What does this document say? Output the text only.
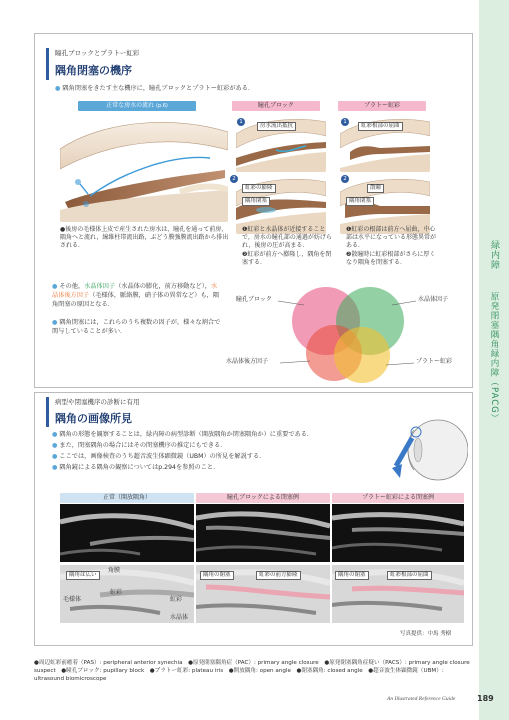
緑内障
原発閉塞隅角緑内障（PACG）
瞳孔ブロックとプラトー虹彩
隅角閉塞の機序
● 隅角閉塞をきたす主な機序に，瞳孔ブロックとプラトー虹彩がある．
正常な房水の流れ (p.6)	瞳孔ブロック	プラトー虹彩
●後房の毛様体上皮で産生された房水は，瞳孔を通って前房，隅角へと流れ，線維柱帯流出路，ぶどう膜強膜流出路から排出される．
1
房水流出抵抗
2
虹彩の膨隆
隅角閉塞
1
虹彩根部の屈曲
2
散瞳
隅角閉塞
❶虹彩と水晶体が近接することで，房水の瞳孔部の通過が妨げられ，後房の圧が高まる．
❷虹彩が前方へ膨隆し，隅角を閉塞する．
❶虹彩の根部は前方へ屈曲，中心部は水平になっている形態異常がある．
❷散瞳時に虹彩根部がさらに厚くなり隅角を閉塞する．
● その他，水晶体因子（水晶体の膨化，前方移動など），水晶体後方因子（毛様体，脈絡膜，硝子体の異常など）も，隅角閉塞の原因となる．
● 隅角閉塞には，これらのうち複数の因子が，様々な割合で関与していることが多い．
瞳孔ブロック	水晶体因子
水晶体後方因子	プラトー虹彩
病型や閉塞機序の診断に有用
隅角の画像所見
● 隅角の形態を観察することは，緑内障の病型診断（開放隅角か閉塞隅角か）に重要である．
● また，閉塞隅角の場合にはその閉塞機序の推定にもできる．
● ここでは，画像検査のうち超音波生体顕微鏡（UBM）の所見を解説する．
● 隅角鏡による隅角の観察についてはp.294を参照のこと．
正常（開放隅角）	瞳孔ブロックによる閉塞例	プラトー虹彩による閉塞例
隅角は広い
角膜
虹彩
毛様体	虹彩
水晶体
隅角の閉塞	虹彩の前方膨隆	隅角の閉塞	虹彩根部の屈曲
写真提供：中馬 秀樹
●周辺虹彩前癒着（PAS）: peripheral anterior synechia　●原発閉塞隅角症（PAC）: primary angle closure　●原発閉塞隅角症疑い（PACS）: primary angle closure suspect　●瞳孔ブロック: pupillary block　●プラトー虹彩: plateau iris　●開放隅角: open angle　●閉塞隅角: closed angle　●超音波生体顕微鏡（UBM）: ultrasound biomicroscope
An Illustrated Reference Guide	189
